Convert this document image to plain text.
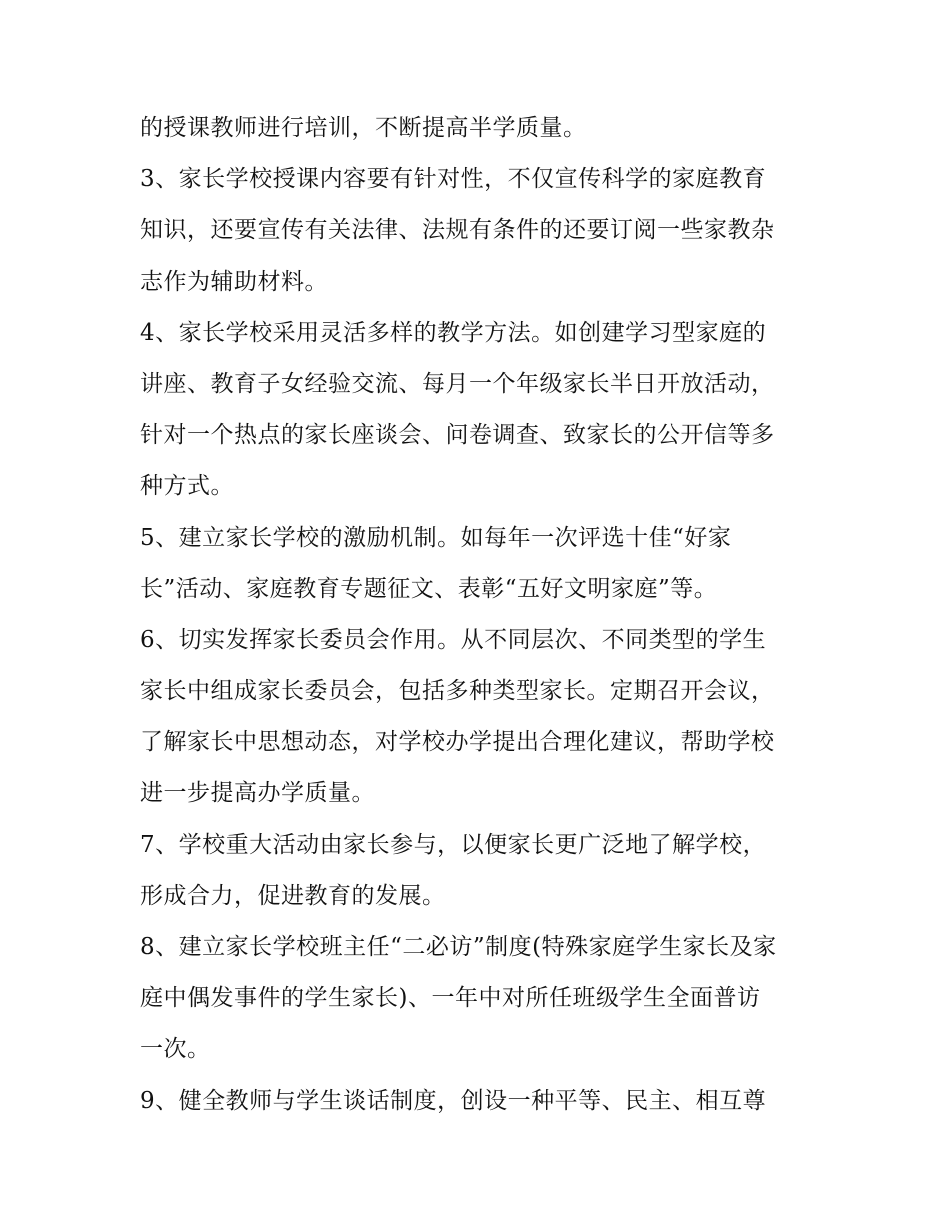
的授课教师进行培训，不断提高半学质量。
3、家长学校授课内容要有针对性，不仅宣传科学的家庭教育
知识，还要宣传有关法律、法规有条件的还要订阅一些家教杂
志作为辅助材料。
4、家长学校采用灵活多样的教学方法。如创建学习型家庭的
讲座、教育子女经验交流、每月一个年级家长半日开放活动，
针对一个热点的家长座谈会、问卷调查、致家长的公开信等多
种方式。
5、建立家长学校的激励机制。如每年一次评选十佳“好家
长”活动、家庭教育专题征文、表彰“五好文明家庭”等。
6、切实发挥家长委员会作用。从不同层次、不同类型的学生
家长中组成家长委员会，包括多种类型家长。定期召开会议，
了解家长中思想动态，对学校办学提出合理化建议，帮助学校
进一步提高办学质量。
7、学校重大活动由家长参与，以便家长更广泛地了解学校，
形成合力，促进教育的发展。
8、建立家长学校班主任“二必访”制度(特殊家庭学生家长及家
庭中偶发事件的学生家长)、一年中对所任班级学生全面普访
一次。
9、健全教师与学生谈话制度，创设一种平等、民主、相互尊
